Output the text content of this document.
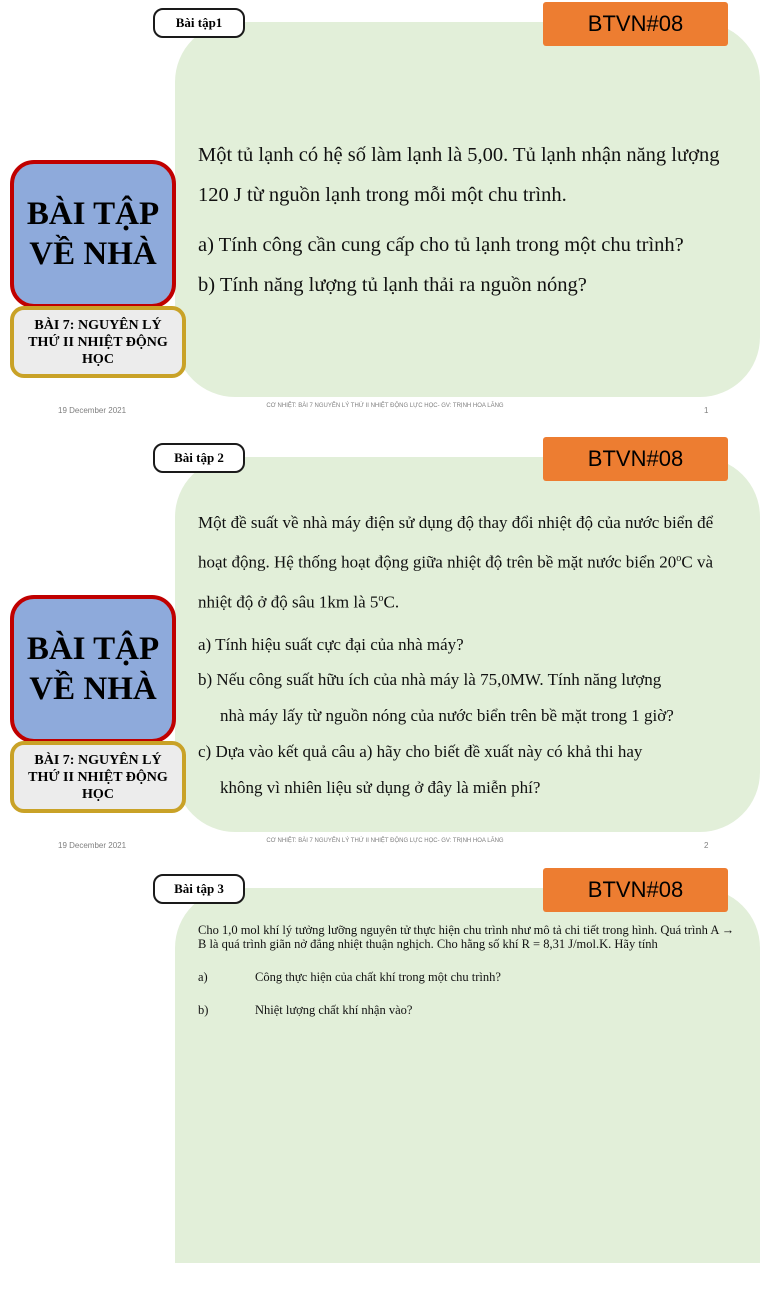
Bài tập1	BTVN#08
BÀI TẬP
VỀ NHÀ
BÀI 7: NGUYÊN LÝ THỨ II NHIỆT ĐỘNG HỌC

Một tủ lạnh có hệ số làm lạnh là 5,00. Tủ lạnh nhận năng lượng 120 J từ nguồn lạnh trong mỗi một chu trình.

a) Tính công cần cung cấp cho tủ lạnh trong một chu trình?

b) Tính năng lượng tủ lạnh thải ra nguồn nóng?

19 December 2021	CƠ NHIỆT: BÀI 7 NGUYÊN LÝ THỨ II NHIỆT ĐỘNG LỰC HỌC- GV: TRỊNH HOA LĂNG	1
Bài tập 2	BTVN#08
BÀI TẬP
VỀ NHÀ
BÀI 7: NGUYÊN LÝ THỨ II NHIỆT ĐỘNG HỌC
19 December 2021	CƠ NHIỆT: BÀI 7 NGUYÊN LÝ THỨ II NHIỆT ĐỘNG LỰC HỌC- GV: TRỊNH HOA LĂNG	2

Một đề suất về nhà máy điện sử dụng độ thay đổi nhiệt độ của nước biển để hoạt động. Hệ thống hoạt động giữa nhiệt độ trên bề mặt nước biển 20$^o$C và nhiệt độ ở độ sâu 1km là 5$^o$C.

a) Tính hiệu suất cực đại của nhà máy?

b) Nếu công suất hữu ích của nhà máy là 75,0MW. Tính năng lượng

nhà máy lấy từ nguồn nóng của nước biển trên bề mặt trong 1 giờ?

c) Dựa vào kết quả câu a) hãy cho biết đề xuất này có khả thi hay

không vì nhiên liệu sử dụng ở đây là miễn phí?

Bài tập 3	BTVN#08

Cho 1,0 mol khí lý tưởng lưỡng nguyên tử thực hiện chu trình như mô tả chi tiết trong hình. Quá trình A → B là quá trình giãn nở đẳng nhiệt thuận nghịch. Cho hằng số khí R = 8,31 J/mol.K. Hãy tính

a)	Công thực hiện của chất khí trong một chu trình?
b)	Nhiệt lượng chất khí nhận vào?
